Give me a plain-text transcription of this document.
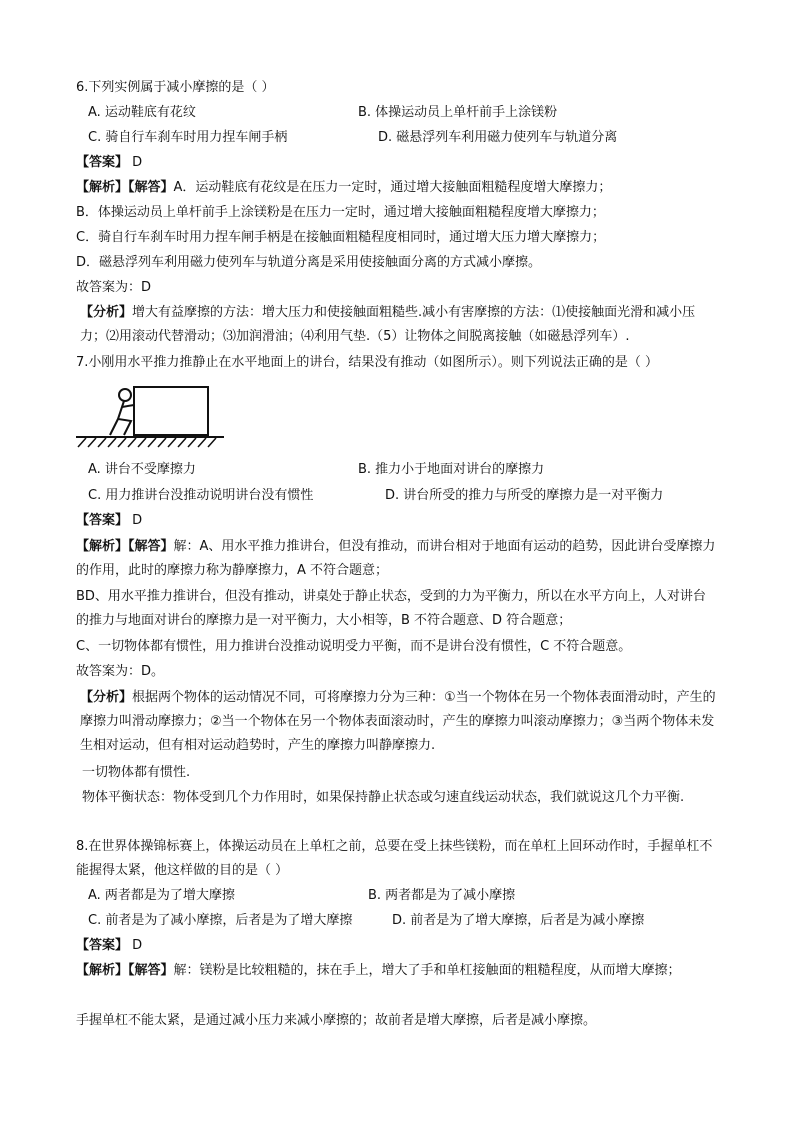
6.下列实例属于减小摩擦的是（ ）
A. 运动鞋底有花纹	B. 体操运动员上单杆前手上涂镁粉
C. 骑自行车刹车时用力捏车闸手柄	D. 磁悬浮列车利用磁力使列车与轨道分离
【答案】 D
【解析】【解答】A．运动鞋底有花纹是在压力一定时，通过增大接触面粗糙程度增大摩擦力；
B．体操运动员上单杆前手上涂镁粉是在压力一定时，通过增大接触面粗糙程度增大摩擦力；
C．骑自行车刹车时用力捏车闸手柄是在接触面粗糙程度相同时，通过增大压力增大摩擦力；
D．磁悬浮列车利用磁力使列车与轨道分离是采用使接触面分离的方式减小摩擦。
故答案为：D
【分析】增大有益摩擦的方法：增大压力和使接触面粗糙些.减小有害摩擦的方法：⑴使接触面光滑和减小压 力；⑵用滚动代替滑动；⑶加润滑油；⑷利用气垫.（5）让物体之间脱离接触（如磁悬浮列车）.
7.小刚用水平推力推静止在水平地面上的讲台，结果没有推动（如图所示）。则下列说法正确的是（ ）
A. 讲台不受摩擦力	B. 推力小于地面对讲台的摩擦力
C. 用力推讲台没推动说明讲台没有惯性	D. 讲台所受的推力与所受的摩擦力是一对平衡力
【答案】 D
【解析】【解答】解：A、用水平推力推讲台，但没有推动，而讲台相对于地面有运动的趋势，因此讲台受摩擦力的作用，此时的摩擦力称为静摩擦力，A 不符合题意；
BD、用水平推力推讲台，但没有推动，讲桌处于静止状态，受到的力为平衡力，所以在水平方向上，人对讲台的推力与地面对讲台的摩擦力是一对平衡力，大小相等，B 不符合题意、D 符合题意；
C、一切物体都有惯性，用力推讲台没推动说明受力平衡，而不是讲台没有惯性，C 不符合题意。
故答案为：D。
【分析】根据两个物体的运动情况不同，可将摩擦力分为三种：①当一个物体在另一个物体表面滑动时，产生的摩擦力叫滑动摩擦力；②当一个物体在另一个物体表面滚动时，产生的摩擦力叫滚动摩擦力；③当两个物体未发生相对运动，但有相对运动趋势时，产生的摩擦力叫静摩擦力.
一切物体都有惯性.
物体平衡状态：物体受到几个力作用时，如果保持静止状态或匀速直线运动状态，我们就说这几个力平衡.
8.在世界体操锦标赛上，体操运动员在上单杠之前，总要在受上抹些镁粉，而在单杠上回环动作时，手握单杠不能握得太紧，他这样做的目的是（ ）
A. 两者都是为了增大摩擦	B. 两者都是为了减小摩擦
C. 前者是为了减小摩擦，后者是为了增大摩擦	D. 前者是为了增大摩擦，后者是为减小摩擦
【答案】 D
【解析】【解答】解：镁粉是比较粗糙的，抹在手上，增大了手和单杠接触面的粗糙程度，从而增大摩擦；
手握单杠不能太紧，是通过减小压力来减小摩擦的；故前者是增大摩擦，后者是减小摩擦。
